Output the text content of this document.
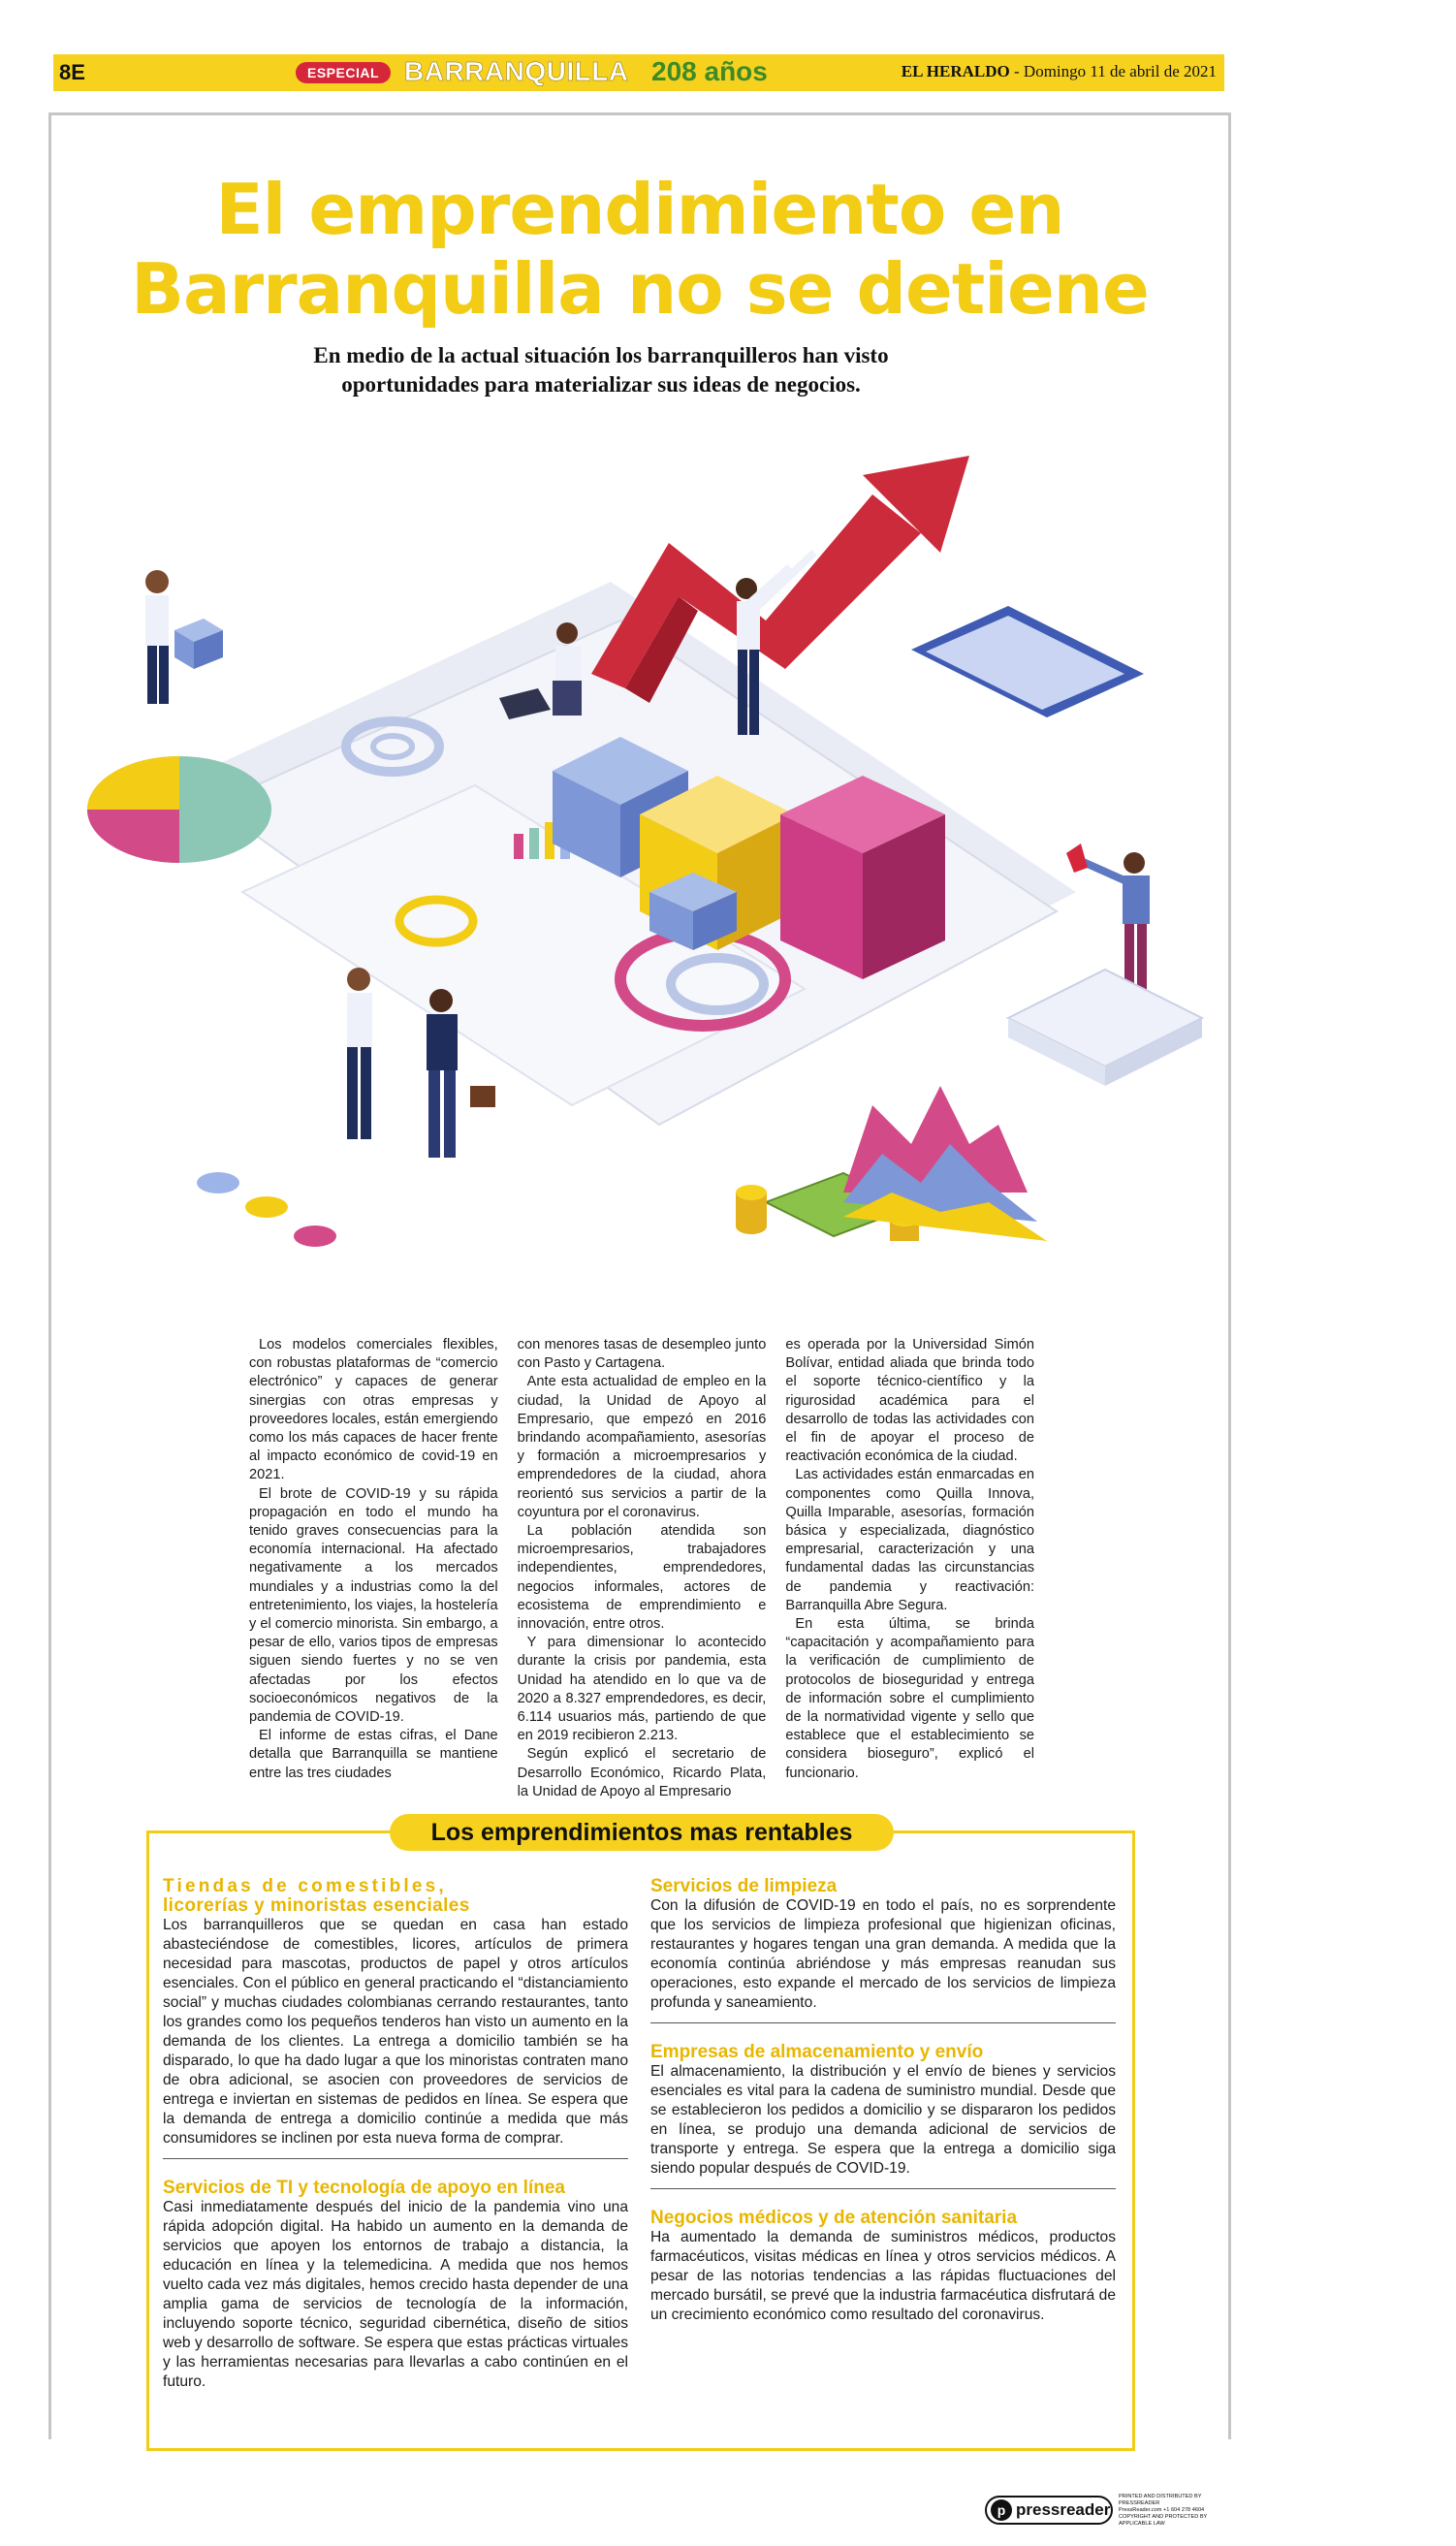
8E	ESPECIAL BARRANQUILLA 208 años	EL HERALDO - Domingo 11 de abril de 2021
El emprendimiento en
Barranquilla no se detiene
En medio de la actual situación los barranquilleros han visto oportunidades para materializar sus ideas de negocios.

Los modelos comerciales flexibles, con robustas plataformas de “comercio electrónico” y capaces de generar sinergias con otras empresas y proveedores locales, están emergiendo como los más capaces de hacer frente al impacto económico de covid-19 en 2021.

El brote de COVID-19 y su rápida propagación en todo el mundo ha tenido graves consecuencias para la economía internacional. Ha afectado negativamente a los mercados mundiales y a industrias como la del entretenimiento, los viajes, la hostelería y el comercio minorista. Sin embargo, a pesar de ello, varios tipos de empresas siguen siendo fuertes y no se ven afectadas por los efectos socioeconómicos negativos de la pandemia de COVID-19.

El informe de estas cifras, el Dane detalla que Barranquilla se mantiene entre las tres ciudades

con menores tasas de desempleo junto con Pasto y Cartagena.

Ante esta actualidad de empleo en la ciudad, la Unidad de Apoyo al Empresario, que empezó en 2016 brindando acompañamiento, asesorías y formación a microempresarios y emprendedores de la ciudad, ahora reorientó sus servicios a partir de la coyuntura por el coronavirus.

La población atendida son microempresarios, trabajadores independientes, emprendedores, negocios informales, actores de ecosistema de emprendimiento e innovación, entre otros.

Y para dimensionar lo acontecido durante la crisis por pandemia, esta Unidad ha atendido en lo que va de 2020 a 8.327 emprendedores, es decir, 6.114 usuarios más, partiendo de que en 2019 recibieron 2.213.

Según explicó el secretario de Desarrollo Económico, Ricardo Plata, la Unidad de Apoyo al Empresario

es operada por la Universidad Simón Bolívar, entidad aliada que brinda todo el soporte técnico-científico y la rigurosidad académica para el desarrollo de todas las actividades con el fin de apoyar el proceso de reactivación económica de la ciudad.

Las actividades están enmarcadas en componentes como Quilla Innova, Quilla Imparable, asesorías, formación básica y especializada, diagnóstico empresarial, caracterización y una fundamental dadas las circunstancias de pandemia y reactivación: Barranquilla Abre Segura.

En esta última, se brinda “capacitación y acompañamiento para la verificación de cumplimiento de protocolos de bioseguridad y entrega de información sobre el cumplimiento de la normatividad vigente y sello que establece que el establecimiento se considera bioseguro”, explicó el funcionario.

Los emprendimientos mas rentables
Tiendas de comestibles,
licorerías y minoristas esenciales
Los barranquilleros que se quedan en casa han estado abasteciéndose de comestibles, licores, artículos de primera necesidad para mascotas, productos de papel y otros artículos esenciales. Con el público en general practicando el “distanciamiento social” y muchas ciudades colombianas cerrando restaurantes, tanto los grandes como los pequeños tenderos han visto un aumento en la demanda de los clientes. La entrega a domicilio también se ha disparado, lo que ha dado lugar a que los minoristas contraten mano de obra adicional, se asocien con proveedores de servicios de entrega e inviertan en sistemas de pedidos en línea. Se espera que la demanda de entrega a domicilio continúe a medida que más consumidores se inclinen por esta nueva forma de comprar.
Servicios de TI y tecnología de apoyo en línea
Casi inmediatamente después del inicio de la pandemia vino una rápida adopción digital. Ha habido un aumento en la demanda de servicios que apoyen los entornos de trabajo a distancia, la educación en línea y la telemedicina. A medida que nos hemos vuelto cada vez más digitales, hemos crecido hasta depender de una amplia gama de servicios de tecnología de la información, incluyendo soporte técnico, seguridad cibernética, diseño de sitios web y desarrollo de software. Se espera que estas prácticas virtuales y las herramientas necesarias para llevarlas a cabo continúen en el futuro.
Servicios de limpieza
Con la difusión de COVID-19 en todo el país, no es sorprendente que los servicios de limpieza profesional que higienizan oficinas, restaurantes y hogares tengan una gran demanda. A medida que la economía continúa abriéndose y más empresas reanudan sus operaciones, esto expande el mercado de los servicios de limpieza profunda y saneamiento.
Empresas de almacenamiento y envío
El almacenamiento, la distribución y el envío de bienes y servicios esenciales es vital para la cadena de suministro mundial. Desde que se establecieron los pedidos a domicilio y se dispararon los pedidos en línea, se produjo una demanda adicional de servicios de transporte y entrega. Se espera que la entrega a domicilio siga siendo popular después de COVID-19.
Negocios médicos y de atención sanitaria
Ha aumentado la demanda de suministros médicos, productos farmacéuticos, visitas médicas en línea y otros servicios médicos. A pesar de las notorias tendencias a las rápidas fluctuaciones del mercado bursátil, se prevé que la industria farmacéutica disfrutará de un crecimiento económico como resultado del coronavirus.
p pressreader
PRINTED AND DISTRIBUTED BY PRESSREADER
PressReader.com +1 604 278 4604
COPYRIGHT AND PROTECTED BY APPLICABLE LAW
